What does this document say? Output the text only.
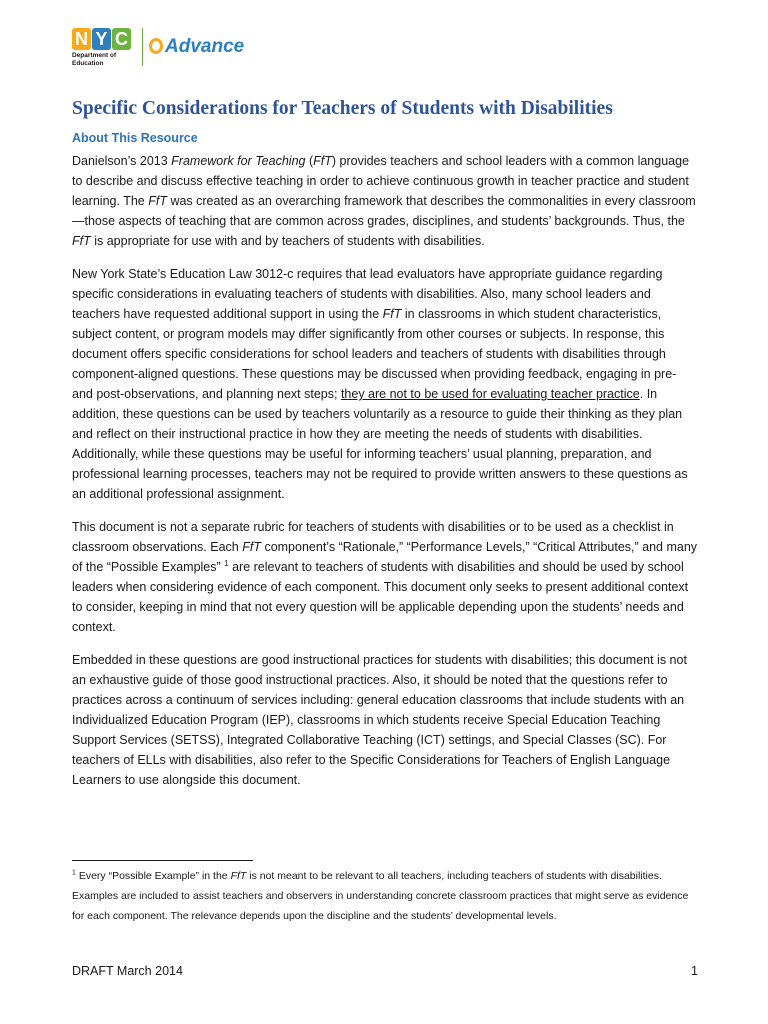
N Y C
Department of
Education
Advance
Specific Considerations for Teachers of Students with Disabilities
About This Resource

Danielson’s 2013 Framework for Teaching (FfT) provides teachers and school leaders with a common language to describe and discuss effective teaching in order to achieve continuous growth in teacher practice and student learning. The FfT was created as an overarching framework that describes the commonalities in every classroom—those aspects of teaching that are common across grades, disciplines, and students’ backgrounds. Thus, the FfT is appropriate for use with and by teachers of students with disabilities.

New York State’s Education Law 3012-c requires that lead evaluators have appropriate guidance regarding specific considerations in evaluating teachers of students with disabilities. Also, many school leaders and teachers have requested additional support in using the FfT in classrooms in which student characteristics, subject content, or program models may differ significantly from other courses or subjects. In response, this document offers specific considerations for school leaders and teachers of students with disabilities through component-aligned questions. These questions may be discussed when providing feedback, engaging in pre- and post-observations, and planning next steps; they are not to be used for evaluating teacher practice. In addition, these questions can be used by teachers voluntarily as a resource to guide their thinking as they plan and reflect on their instructional practice in how they are meeting the needs of students with disabilities. Additionally, while these questions may be useful for informing teachers’ usual planning, preparation, and professional learning processes, teachers may not be required to provide written answers to these questions as an additional professional assignment.

This document is not a separate rubric for teachers of students with disabilities or to be used as a checklist in classroom observations. Each FfT component’s “Rationale,” “Performance Levels,” “Critical Attributes,” and many of the “Possible Examples” $^1$ are relevant to teachers of students with disabilities and should be used by school leaders when considering evidence of each component. This document only seeks to present additional context to consider, keeping in mind that not every question will be applicable depending upon the students’ needs and context.

Embedded in these questions are good instructional practices for students with disabilities; this document is not an exhaustive guide of those good instructional practices. Also, it should be noted that the questions refer to practices across a continuum of services including: general education classrooms that include students with an Individualized Education Program (IEP), classrooms in which students receive Special Education Teaching Support Services (SETSS), Integrated Collaborative Teaching (ICT) settings, and Special Classes (SC). For teachers of ELLs with disabilities, also refer to the Specific Considerations for Teachers of English Language Learners to use alongside this document.

$^1$ Every “Possible Example” in the FfT is not meant to be relevant to all teachers, including teachers of students with disabilities. Examples are included to assist teachers and observers in understanding concrete classroom practices that might serve as evidence for each component. The relevance depends upon the discipline and the students’ developmental levels.
DRAFT March 2014	1
